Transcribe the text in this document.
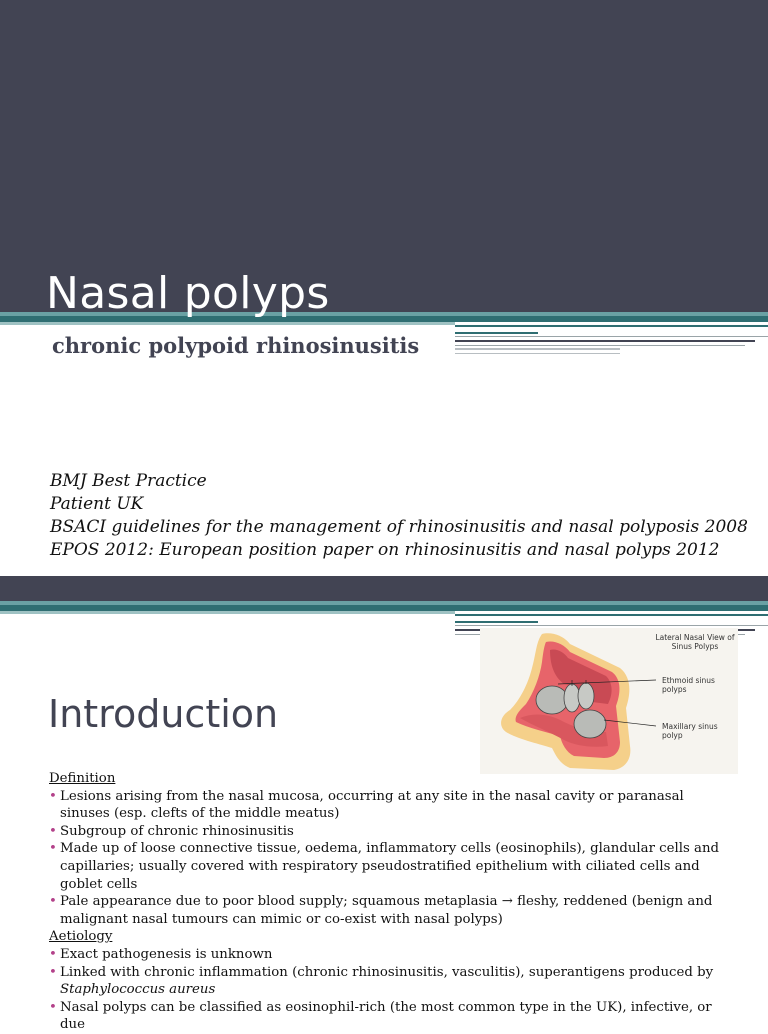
Nasal polyps
chronic polypoid rhinosinusitis
BMJ Best Practice
Patient UK
BSACI guidelines for the management of rhinosinusitis and nasal polyposis 2008
EPOS 2012: European position paper on rhinosinusitis and nasal polyps 2012
Introduction
Lateral Nasal View of Sinus Polyps
Ethmoid sinus polyps
Maxillary sinus polyp

Definition

• Lesions arising from the nasal mucosa, occurring at any site in the nasal cavity or paranasal sinuses (esp. clefts of the middle meatus)

• Subgroup of chronic rhinosinusitis

• Made up of loose connective tissue, oedema, inflammatory cells (eosinophils), glandular cells and capillaries; usually covered with respiratory pseudostratified epithelium with ciliated cells and goblet cells

• Pale appearance due to poor blood supply; squamous metaplasia → fleshy, reddened (benign and malignant nasal tumours can mimic or co-exist with nasal polyps)

Aetiology

• Exact pathogenesis is unknown

• Linked with chronic inflammation (chronic rhinosinusitis, vasculitis), superantigens produced by Staphylococcus aureus

• Nasal polyps can be classified as eosinophil-rich (the most common type in the UK), infective, or due
